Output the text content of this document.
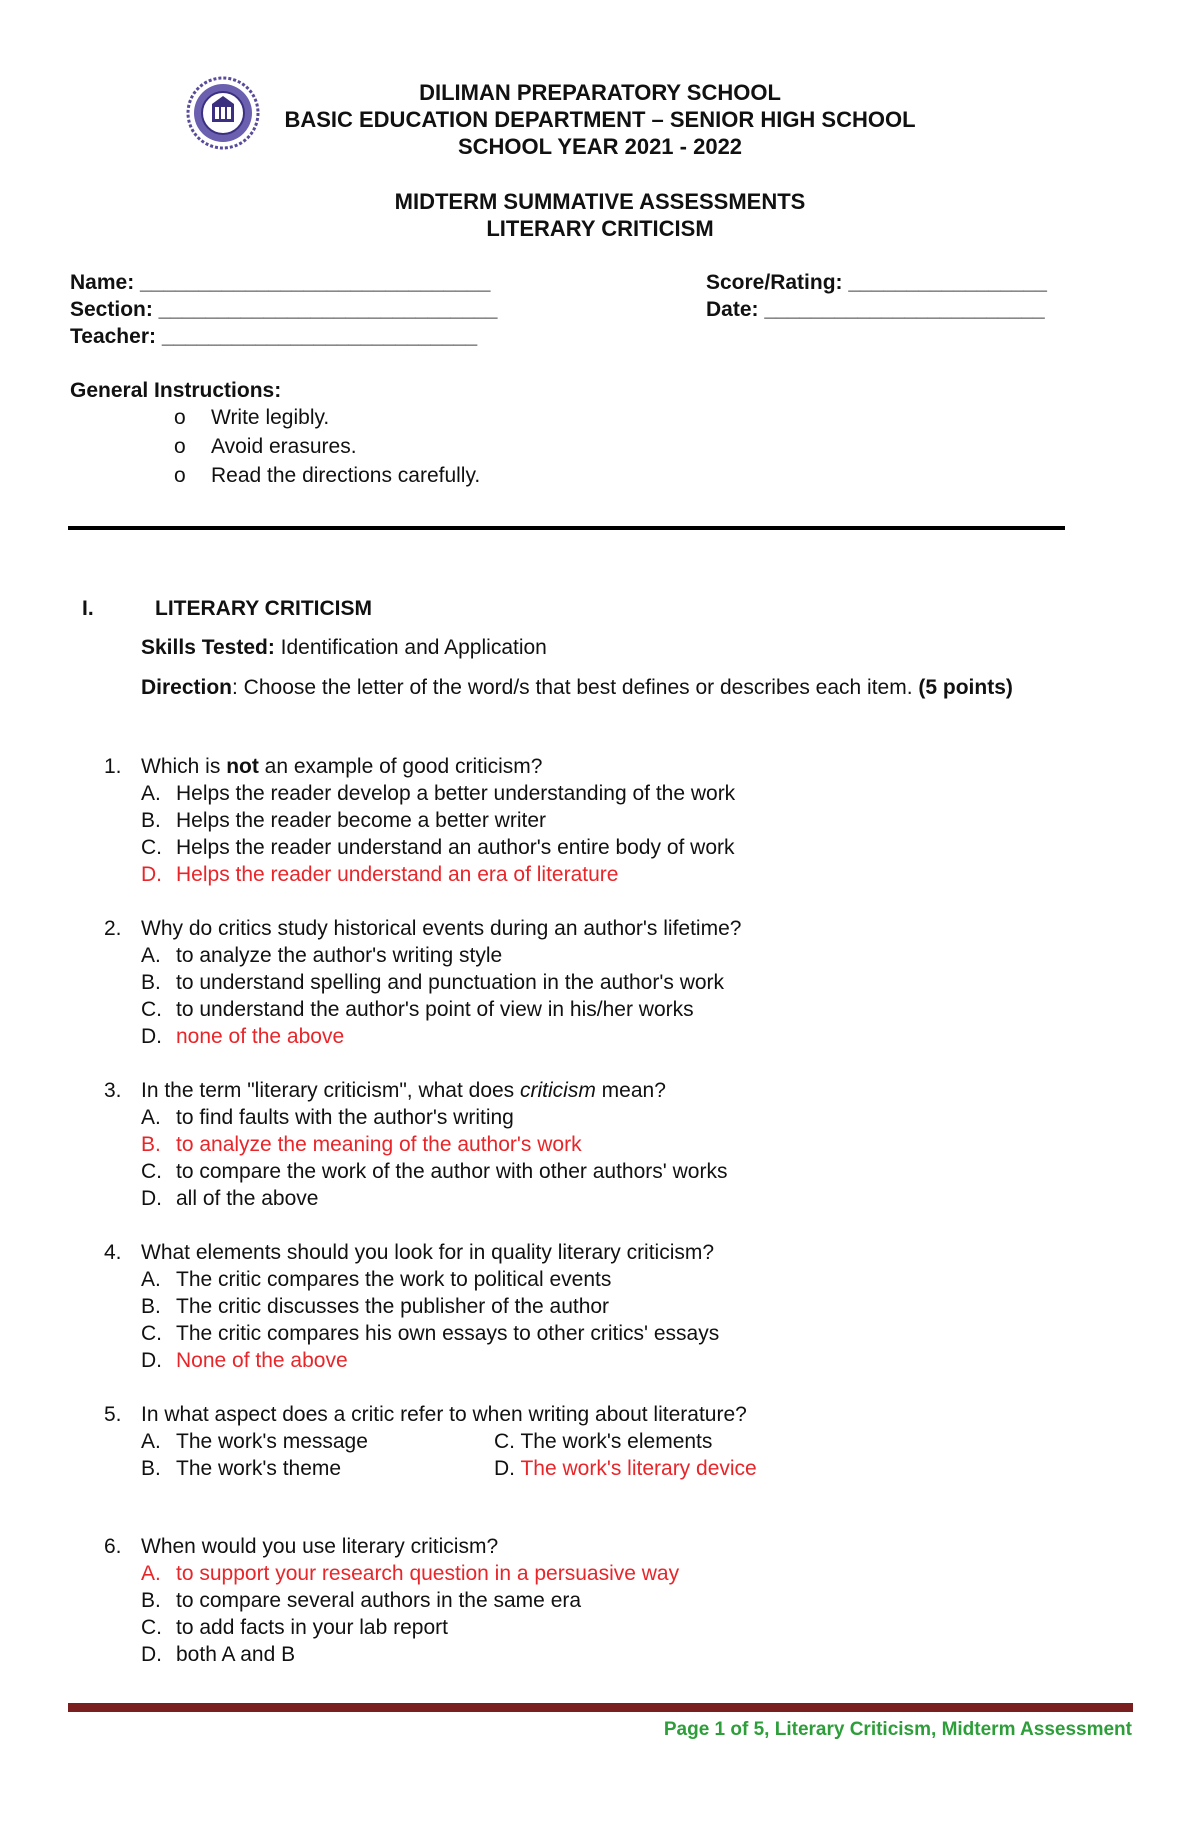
DILIMAN PREPARATORY SCHOOL
BASIC EDUCATION DEPARTMENT – SENIOR HIGH SCHOOL
SCHOOL YEAR 2021 - 2022
MIDTERM SUMMATIVE ASSESSMENTS
LITERARY CRITICISM
Name: ______________________________
Section: _____________________________
Teacher: ___________________________
Score/Rating: _________________
Date: ________________________
General Instructions:
o Write legibly.
o Avoid erasures.
o Read the directions carefully.
I.	LITERARY CRITICISM
Skills Tested: Identification and Application
Direction: Choose the letter of the word/s that best defines or describes each item. (5 points)
1. Which is not an example of good criticism?
A. Helps the reader develop a better understanding of the work
B. Helps the reader become a better writer
C. Helps the reader understand an author's entire body of work
D. Helps the reader understand an era of literature
2. Why do critics study historical events during an author's lifetime?
A. to analyze the author's writing style
B. to understand spelling and punctuation in the author's work
C. to understand the author's point of view in his/her works
D. none of the above
3. In the term "literary criticism", what does criticism mean?
A. to find faults with the author's writing
B. to analyze the meaning of the author's work
C. to compare the work of the author with other authors' works
D. all of the above
4. What elements should you look for in quality literary criticism?
A. The critic compares the work to political events
B. The critic discusses the publisher of the author
C. The critic compares his own essays to other critics' essays
D. None of the above
5. In what aspect does a critic refer to when writing about literature?
A. The work's message
B. The work's theme
C. The work's elements
D. The work's literary device
6. When would you use literary criticism?
A. to support your research question in a persuasive way
B. to compare several authors in the same era
C. to add facts in your lab report
D. both A and B
Page 1 of 5, Literary Criticism, Midterm Assessment
